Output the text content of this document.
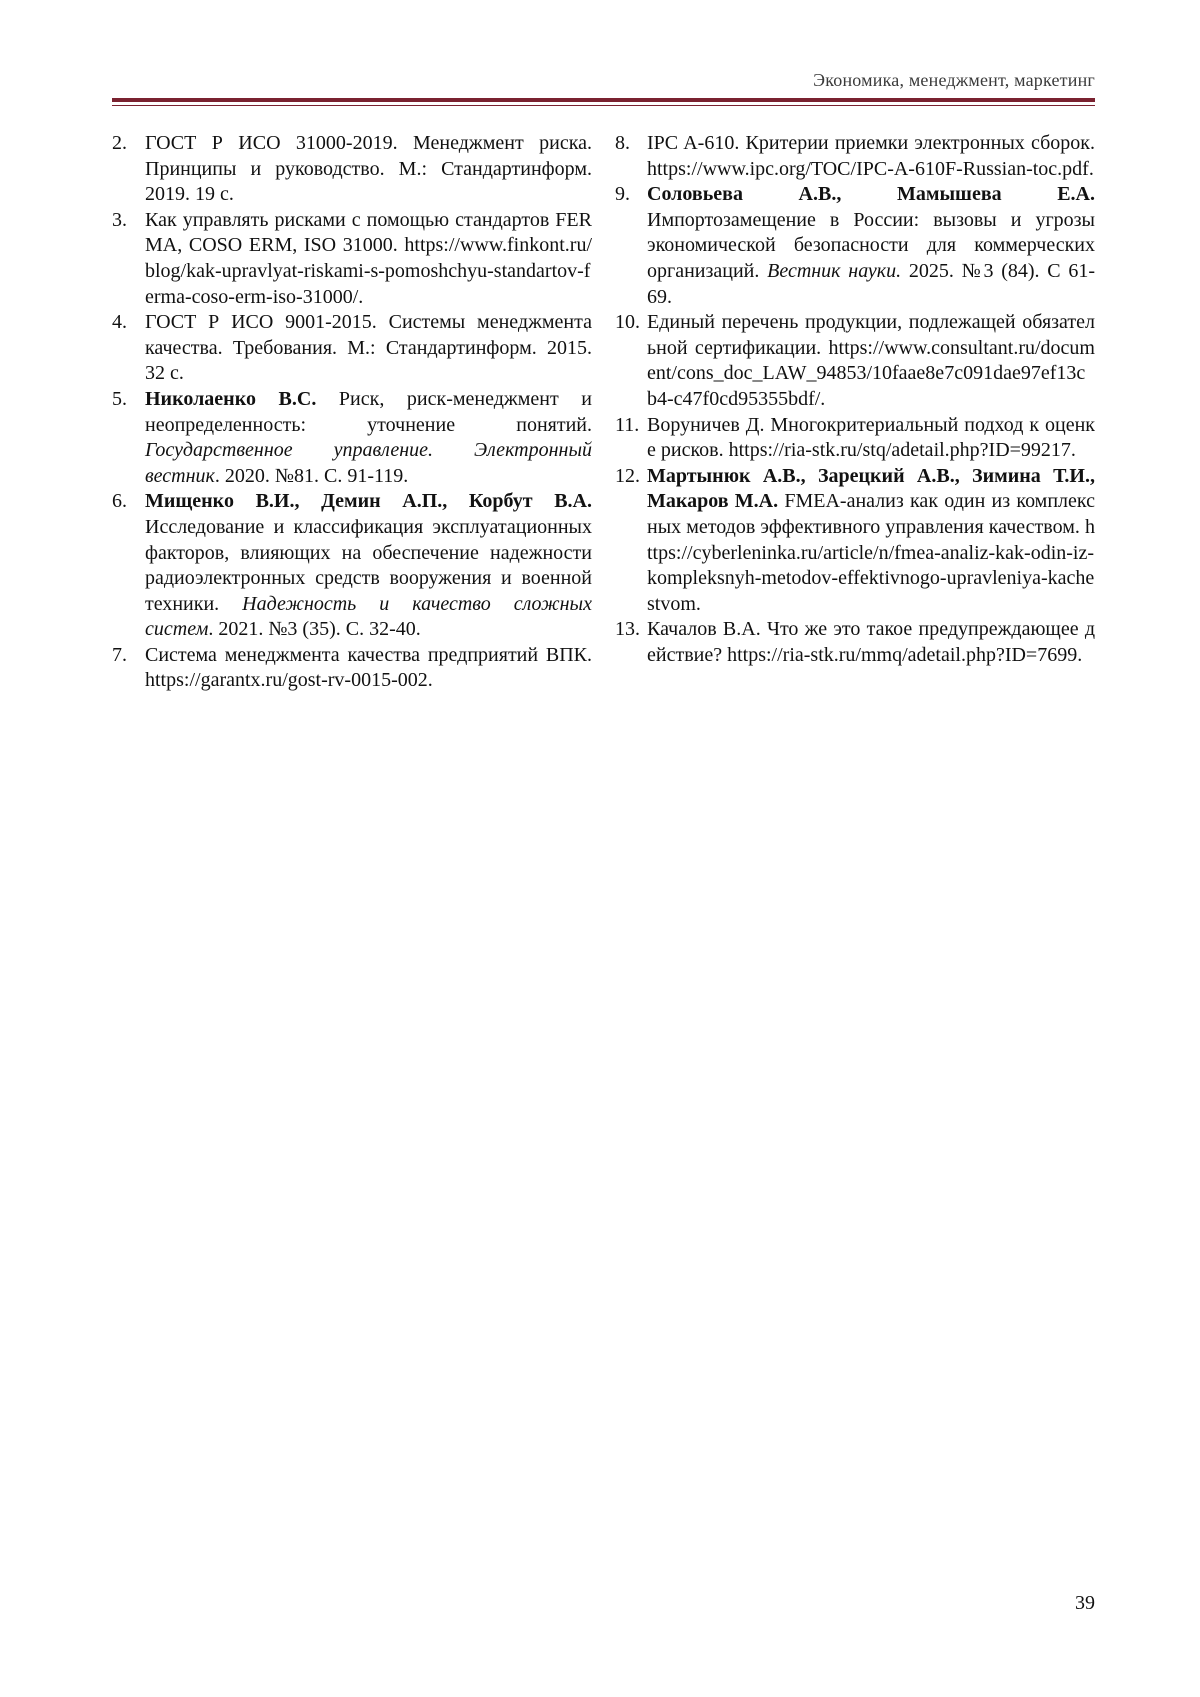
Экономика, менеджмент, маркетинг
2. ГОСТ Р ИСО 31000-2019. Менеджмент риска. Принципы и руководство. М.: Стандартинформ. 2019. 19 с.
3. Как управлять рисками с помощью стандартов FERMA, COSO ERM, ISO 31000. https://www.finkont.ru/blog/kak-upravlyat-riskami-s-pomoshchyu-standartov-ferma-coso-erm-iso-31000/.
4. ГОСТ Р ИСО 9001-2015. Системы менеджмента качества. Требования. М.: Стандартинформ. 2015. 32 с.
5. Николаенко В.С. Риск, риск-менеджмент и неопределенность: уточнение понятий. Государственное управление. Электронный вестник. 2020. №81. С. 91-119.
6. Мищенко В.И., Демин А.П., Корбут В.А. Исследование и классификация эксплуатационных факторов, влияющих на обеспечение надежности радиоэлектронных средств вооружения и военной техники. Надежность и качество сложных систем. 2021. №3 (35). С. 32-40.
7. Система менеджмента качества предприятий ВПК. https://garantx.ru/gost-rv-0015-002.
8. IPC A-610. Критерии приемки электронных сборок. https://www.ipc.org/TOC/IPC-A-610F-Russian-toc.pdf.
9. Соловьева А.В., Мамышева Е.А. Импортозамещение в России: вызовы и угрозы экономической безопасности для коммерческих организаций. Вестник науки. 2025. №3 (84). С 61-69.
10. Единый перечень продукции, подлежащей обязательной сертификации. https://www.consultant.ru/document/cons_doc_LAW_94853/10faae8e7c091dae97ef13cb4-c47f0cd95355bdf/.
11. Воруничев Д. Многокритериальный подход к оценке рисков. https://ria-stk.ru/stq/adetail.php?ID=99217.
12. Мартынюк А.В., Зарецкий А.В., Зимина Т.И., Макаров М.А. FMEA-анализ как один из комплексных методов эффективного управления качеством. https://cyberleninka.ru/article/n/fmea-analiz-kak-odin-iz-kompleksnyh-metodov-effektivnogo-upravleniya-kachestvom.
13. Качалов В.А. Что же это такое предупреждающее действие? https://ria-stk.ru/mmq/adetail.php?ID=7699.
39
